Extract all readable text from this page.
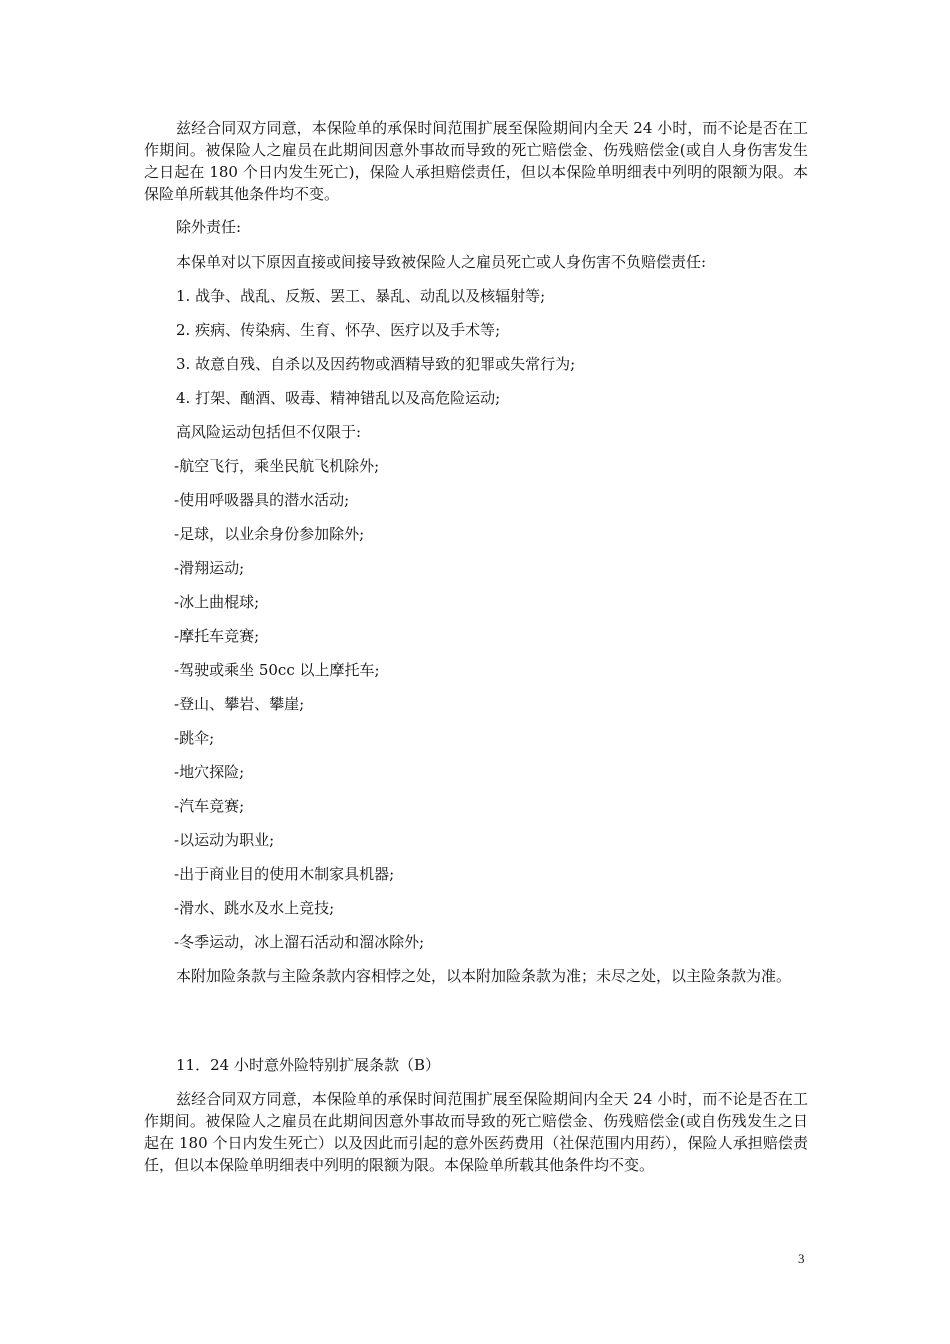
兹经合同双方同意，本保险单的承保时间范围扩展至保险期间内全天 24 小时，而不论是否在工作期间。被保险人之雇员在此期间因意外事故而导致的死亡赔偿金、伤残赔偿金(或自人身伤害发生之日起在 180 个日内发生死亡)，保险人承担赔偿责任，但以本保险单明细表中列明的限额为限。本保险单所载其他条件均不变。

除外责任:

本保单对以下原因直接或间接导致被保险人之雇员死亡或人身伤害不负赔偿责任:

1. 战争、战乱、反叛、罢工、暴乱、动乱以及核辐射等;

2. 疾病、传染病、生育、怀孕、医疗以及手术等;

3. 故意自残、自杀以及因药物或酒精导致的犯罪或失常行为;

4. 打架、酗酒、吸毒、精神错乱以及高危险运动;

高风险运动包括但不仅限于:

-航空飞行，乘坐民航飞机除外;

-使用呼吸器具的潜水活动;

-足球，以业余身份参加除外;

-滑翔运动;

-冰上曲棍球;

-摩托车竞赛;

-驾驶或乘坐 50cc 以上摩托车;

-登山、攀岩、攀崖;

-跳伞;

-地穴探险;

-汽车竞赛;

-以运动为职业;

-出于商业目的使用木制家具机器;

-滑水、跳水及水上竞技;

-冬季运动，冰上溜石活动和溜冰除外;

本附加险条款与主险条款内容相悖之处，以本附加险条款为准；未尽之处，以主险条款为准。

11．24 小时意外险特别扩展条款（B）

兹经合同双方同意，本保险单的承保时间范围扩展至保险期间内全天 24 小时，而不论是否在工作期间。被保险人之雇员在此期间因意外事故而导致的死亡赔偿金、伤残赔偿金(或自伤残发生之日起在 180 个日内发生死亡）以及因此而引起的意外医药费用（社保范围内用药），保险人承担赔偿责任，但以本保险单明细表中列明的限额为限。本保险单所载其他条件均不变。

3
